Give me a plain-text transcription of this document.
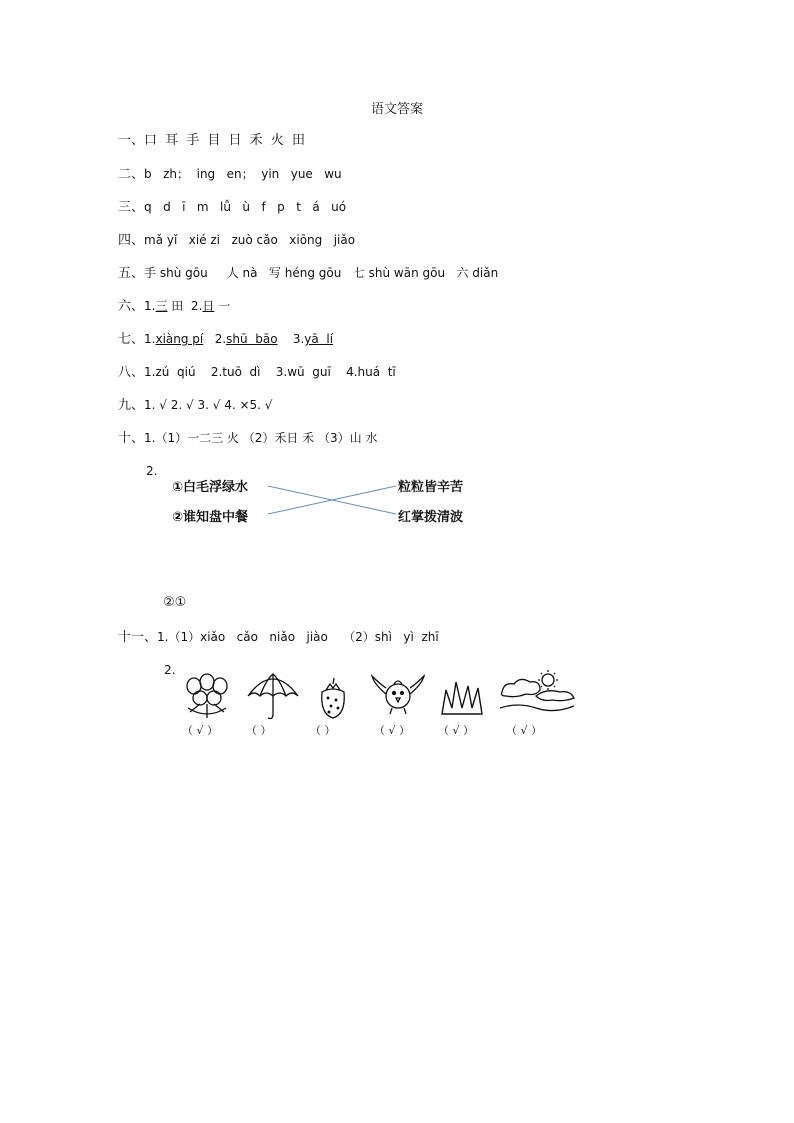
语文答案
一、口 耳 手 目 日 禾 火 田
二、b   zh；  ing   en；  yin   yue   wu
三、q   d   ī   m   lǚ   ù   f   p   t   á   uó
四、mǎ yǐ   xié zi   zuò cǎo   xiōng   jiǎo
五、手 shù gōu     人 nà   写 héng gōu   七 shù wān gōu   六 diǎn
六、1.三 田  2.日 一
七、1.xiàng pí   2.shū  bāo    3.yā  lí
八、1.zú  qiú    2.tuō  dì    3.wū  guī    4.huá  tī
九、1. √ 2. √ 3. √ 4. ×5. √
十、1.（1）一二三 火 （2）禾日 禾 （3）山 水
2.
①白毛浮绿水
②谁知盘中餐
粒粒皆辛苦
红掌拨清波
②①
十一、1.（1）xiǎo   cǎo   niǎo   jiào    （2）shì   yì  zhī
2.
（ √ ）	（ ）	（ ）	（ √ ）	（ √ ）	（ √ ）
